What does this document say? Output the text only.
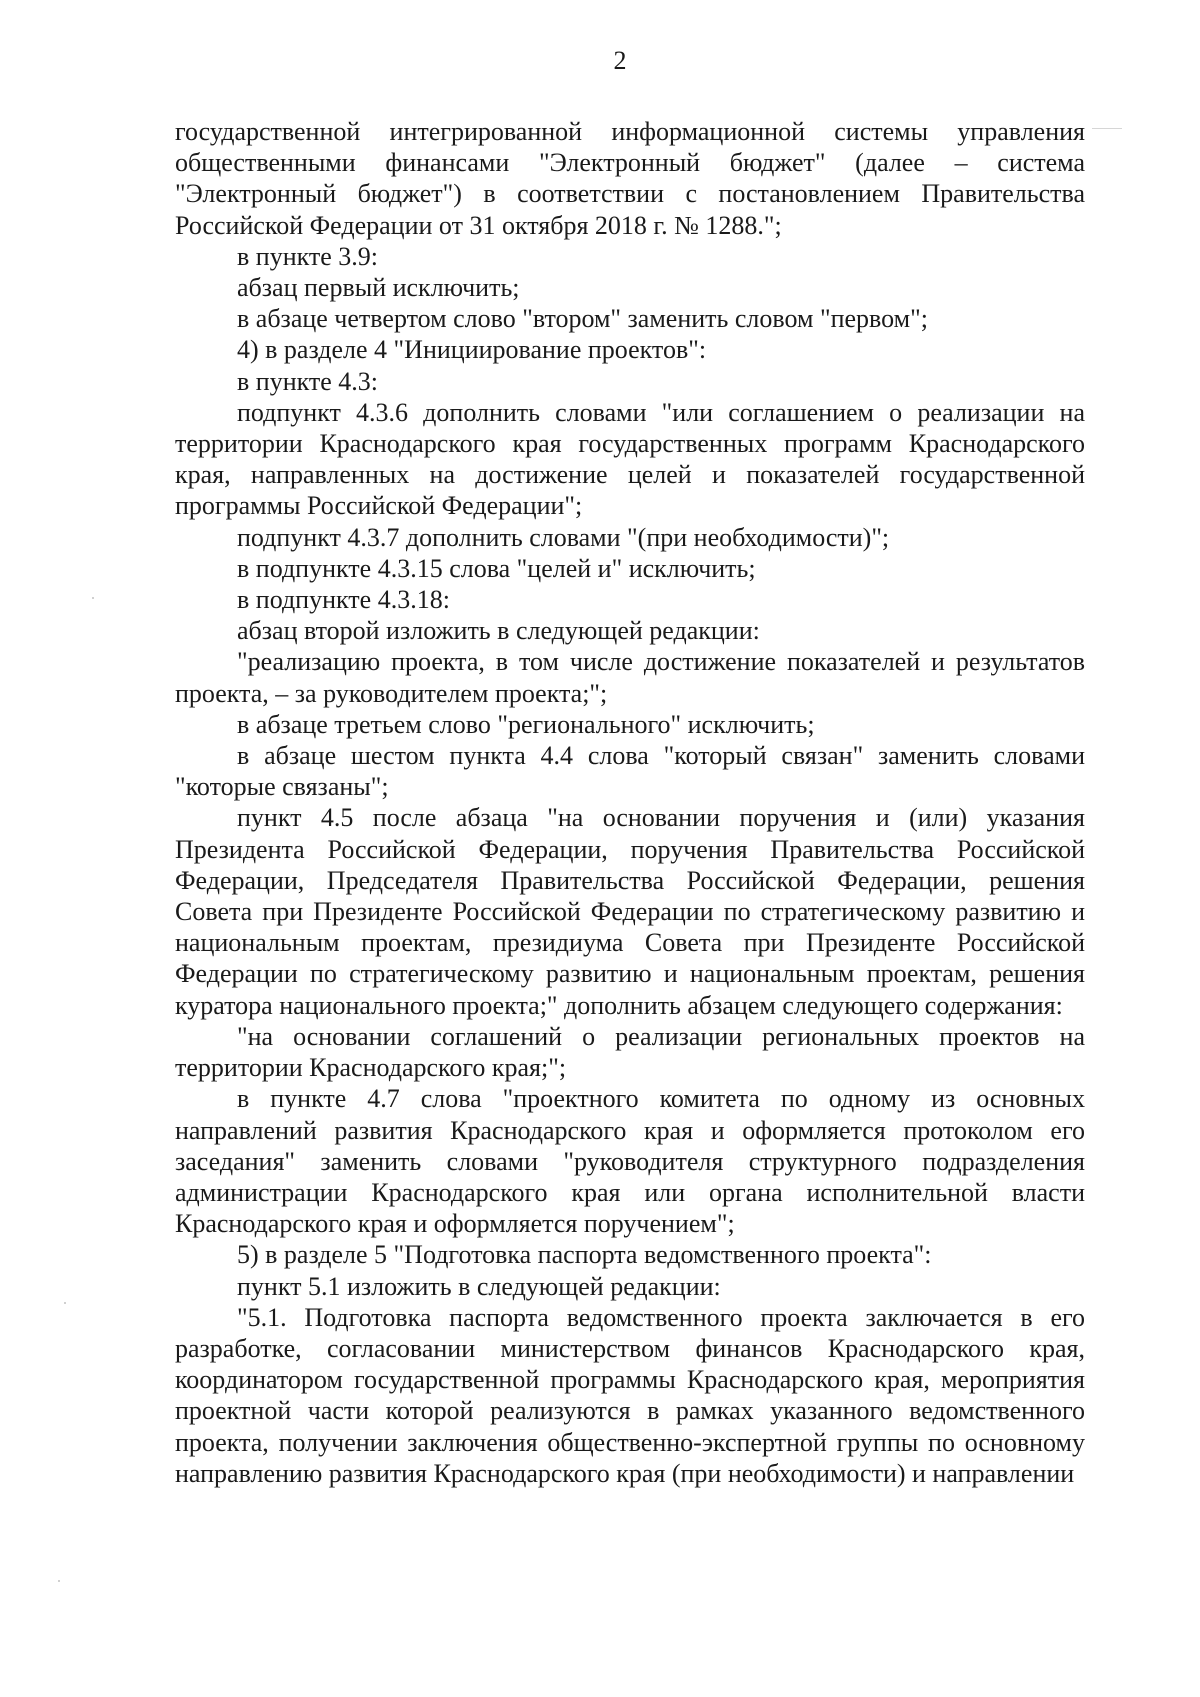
2

государственной интегрированной информационной системы управления общественными финансами "Электронный бюджет" (далее – система "Электронный бюджет") в соответствии с постановлением Правительства Российской Федерации от 31 октября 2018 г. № 1288.";

в пункте 3.9:

абзац первый исключить;

в абзаце четвертом слово "втором" заменить словом "первом";

4) в разделе 4 "Инициирование проектов":

в пункте 4.3:

подпункт 4.3.6 дополнить словами "или соглашением о реализации на территории Краснодарского края государственных программ Краснодарского края, направленных на достижение целей и показателей государственной программы Российской Федерации";

подпункт 4.3.7 дополнить словами "(при необходимости)";

в подпункте 4.3.15 слова "целей и" исключить;

в подпункте 4.3.18:

абзац второй изложить в следующей редакции:

"реализацию проекта, в том числе достижение показателей и результатов проекта, – за руководителем проекта;";

в абзаце третьем слово "регионального" исключить;

в абзаце шестом пункта 4.4 слова "который связан" заменить словами "которые связаны";

пункт 4.5 после абзаца "на основании поручения и (или) указания Президента Российской Федерации, поручения Правительства Российской Федерации, Председателя Правительства Российской Федерации, решения Совета при Президенте Российской Федерации по стратегическому развитию и национальным проектам, президиума Совета при Президенте Российской Федерации по стратегическому развитию и национальным проектам, решения куратора национального проекта;" дополнить абзацем следующего содержания:

"на основании соглашений о реализации региональных проектов на территории Краснодарского края;";

в пункте 4.7 слова "проектного комитета по одному из основных направлений развития Краснодарского края и оформляется протоколом его заседания" заменить словами "руководителя структурного подразделения администрации Краснодарского края или органа исполнительной власти Краснодарского края и оформляется поручением";

5) в разделе 5 "Подготовка паспорта ведомственного проекта":

пункт 5.1 изложить в следующей редакции:

"5.1. Подготовка паспорта ведомственного проекта заключается в его разработке, согласовании министерством финансов Краснодарского края, координатором государственной программы Краснодарского края, мероприятия проектной части которой реализуются в рамках указанного ведомственного проекта, получении заключения общественно-экспертной группы по основному направлению развития Краснодарского края (при необходимости) и направлении
